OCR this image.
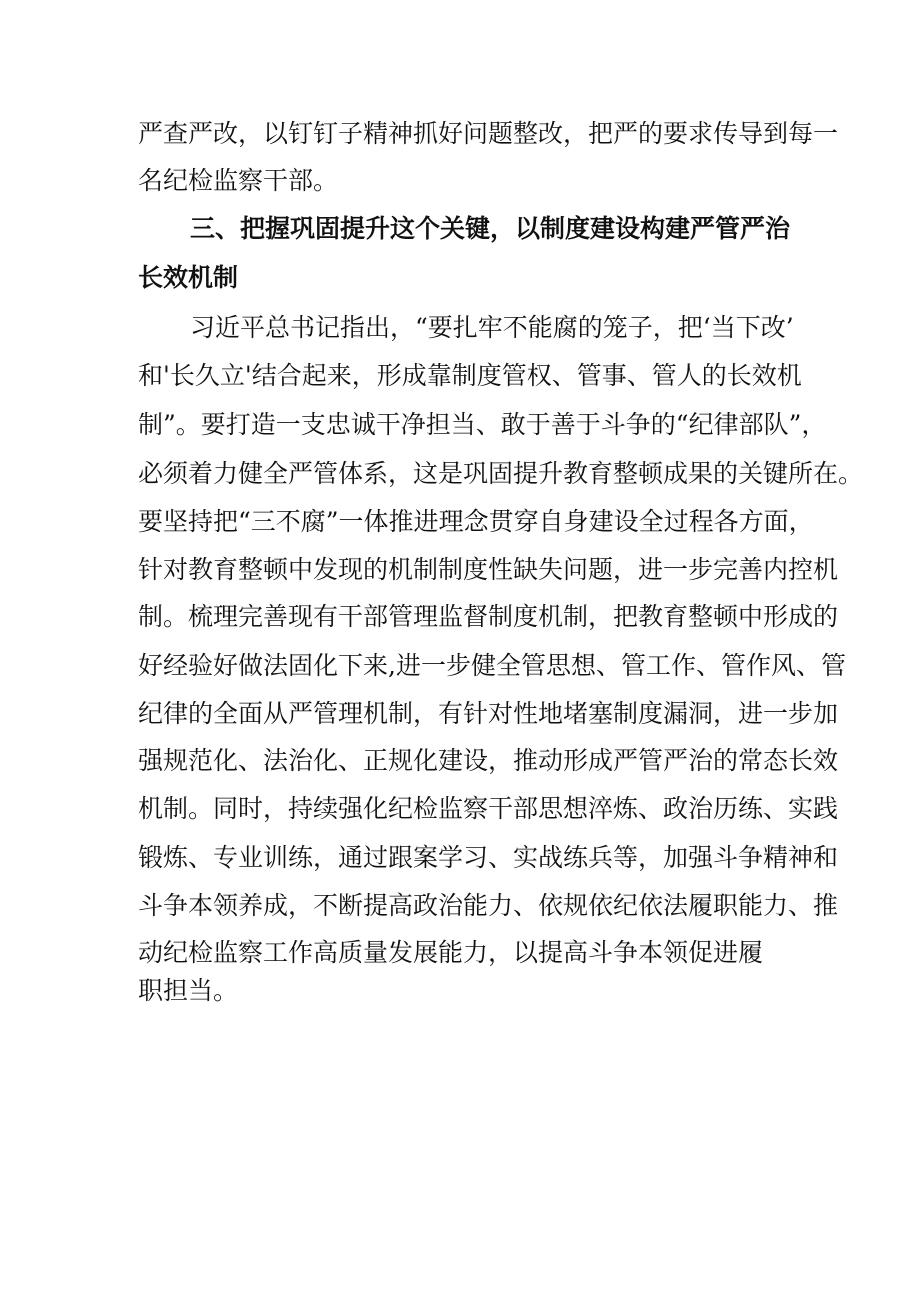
严查严改，以钉钉子精神抓好问题整改，把严的要求传导到每一
名纪检监察干部。
三、把握巩固提升这个关键，以制度建设构建严管严治
长效机制
习近平总书记指出，“要扎牢不能腐的笼子，把‘当下改’
和'长久立'结合起来，形成靠制度管权、管事、管人的长效机
制”。要打造一支忠诚干净担当、敢于善于斗争的“纪律部队”，
必须着力健全严管体系，这是巩固提升教育整顿成果的关键所在。
要坚持把“三不腐”一体推进理念贯穿自身建设全过程各方面，
针对教育整顿中发现的机制制度性缺失问题，进一步完善内控机
制。梳理完善现有干部管理监督制度机制，把教育整顿中形成的
好经验好做法固化下来,进一步健全管思想、管工作、管作风、管
纪律的全面从严管理机制，有针对性地堵塞制度漏洞，进一步加
强规范化、法治化、正规化建设，推动形成严管严治的常态长效
机制。同时，持续强化纪检监察干部思想淬炼、政治历练、实践
锻炼、专业训练，通过跟案学习、实战练兵等，加强斗争精神和
斗争本领养成，不断提高政治能力、依规依纪依法履职能力、推
动纪检监察工作高质量发展能力，以提高斗争本领促进履
职担当。
